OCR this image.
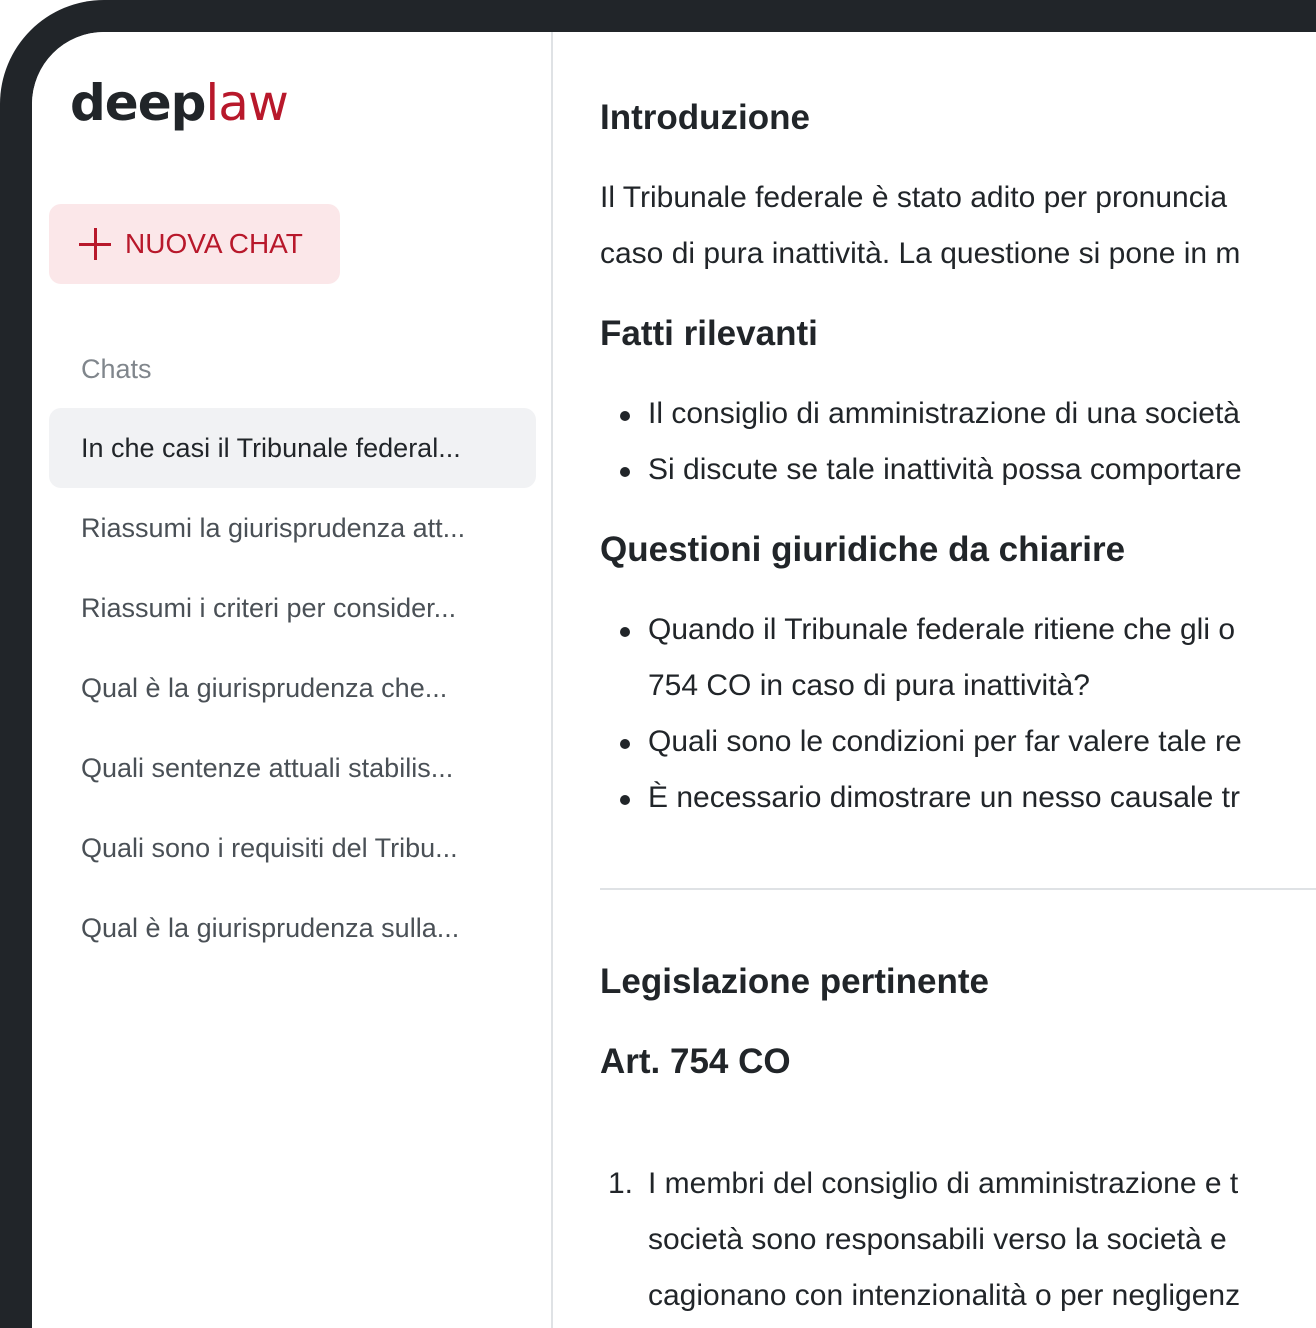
deeplaw
NUOVA CHAT
Chats
In che casi il Tribunale federal...
Riassumi la giurisprudenza att...
Riassumi i criteri per consider...
Qual è la giurisprudenza che...
Quali sentenze attuali stabilis...
Quali sono i requisiti del Tribu...
Qual è la giurisprudenza sulla...
Introduzione
Il Tribunale federale è stato adito per pronuncia
caso di pura inattività. La questione si pone in m
Fatti rilevanti
Il consiglio di amministrazione di una società
Si discute se tale inattività possa comportare
Questioni giuridiche da chiarire
Quando il Tribunale federale ritiene che gli o
754 CO in caso di pura inattività?
Quali sono le condizioni per far valere tale re
È necessario dimostrare un nesso causale tr
Legislazione pertinente
Art. 754 CO
1. I membri del consiglio di amministrazione e t
società sono responsabili verso la società e
cagionano con intenzionalità o per negligenz
